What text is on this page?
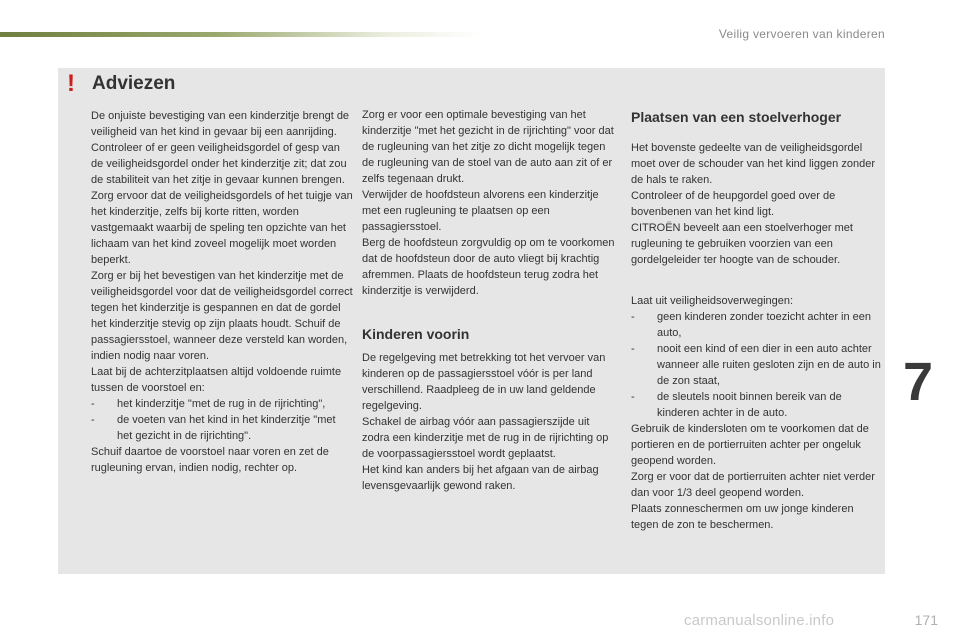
Veilig vervoeren van kinderen
! Adviezen

De onjuiste bevestiging van een kinderzitje brengt de veiligheid van het kind in gevaar bij een aanrijding.

Controleer of er geen veiligheidsgordel of gesp van de veiligheidsgordel onder het kinderzitje zit; dat zou de stabiliteit van het zitje in gevaar kunnen brengen.

Zorg ervoor dat de veiligheidsgordels of het tuigje van het kinderzitje, zelfs bij korte ritten, worden vastgemaakt waarbij de speling ten opzichte van het lichaam van het kind zoveel mogelijk moet worden beperkt.

Zorg er bij het bevestigen van het kinderzitje met de veiligheidsgordel voor dat de veiligheidsgordel correct tegen het kinderzitje is gespannen en dat de gordel het kinderzitje stevig op zijn plaats houdt. Schuif de passagiersstoel, wanneer deze versteld kan worden, indien nodig naar voren.

Laat bij de achterzitplaatsen altijd voldoende ruimte tussen de voorstoel en:

-	het kinderzitje "met de rug in de rijrichting",
-	de voeten van het kind in het kinderzitje "met het gezicht in de rijrichting".

Schuif daartoe de voorstoel naar voren en zet de rugleuning ervan, indien nodig, rechter op.

Zorg er voor een optimale bevestiging van het kinderzitje "met het gezicht in de rijrichting" voor dat de rugleuning van het zitje zo dicht mogelijk tegen de rugleuning van de stoel van de auto aan zit of er zelfs tegenaan drukt.

Verwijder de hoofdsteun alvorens een kinderzitje met een rugleuning te plaatsen op een passagiersstoel.

Berg de hoofdsteun zorgvuldig op om te voorkomen dat de hoofdsteun door de auto vliegt bij krachtig afremmen. Plaats de hoofdsteun terug zodra het kinderzitje is verwijderd.

Kinderen voorin

De regelgeving met betrekking tot het vervoer van kinderen op de passagiersstoel vóór is per land verschillend. Raadpleeg de in uw land geldende regelgeving.

Schakel de airbag vóór aan passagierszijde uit zodra een kinderzitje met de rug in de rijrichting op de voorpassagiersstoel wordt geplaatst.

Het kind kan anders bij het afgaan van de airbag levensgevaarlijk gewond raken.

Plaatsen van een stoelverhoger

Het bovenste gedeelte van de veiligheidsgordel moet over de schouder van het kind liggen zonder de hals te raken.

Controleer of de heupgordel goed over de bovenbenen van het kind ligt.

CITROËN beveelt aan een stoelverhoger met rugleuning te gebruiken voorzien van een gordelgeleider ter hoogte van de schouder.

Laat uit veiligheidsoverwegingen:

-	geen kinderen zonder toezicht achter in een auto,
-	nooit een kind of een dier in een auto achter wanneer alle ruiten gesloten zijn en de auto in de zon staat,
-	de sleutels nooit binnen bereik van de kinderen achter in de auto.

Gebruik de kindersloten om te voorkomen dat de portieren en de portierruiten achter per ongeluk geopend worden.

Zorg er voor dat de portierruiten achter niet verder dan voor 1/3 deel geopend worden.

Plaats zonneschermen om uw jonge kinderen tegen de zon te beschermen.

7
171
carmanualsonline.info
